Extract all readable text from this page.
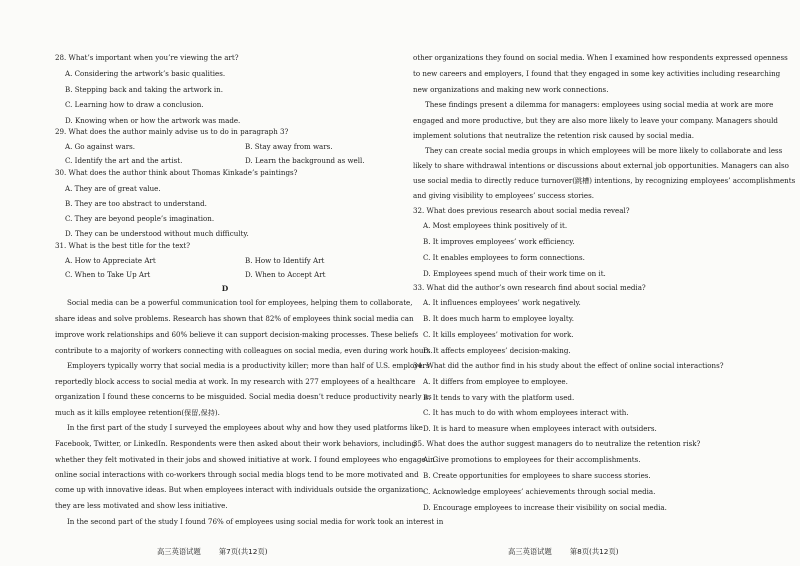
28. What’s important when you’re viewing the art?
A. Considering the artwork’s basic qualities.
B. Stepping back and taking the artwork in.
C. Learning how to draw a conclusion.
D. Knowing when or how the artwork was made.
29. What does the author mainly advise us to do in paragraph 3?
A. Go against wars.	B. Stay away from wars.
C. Identify the art and the artist.	D. Learn the background as well.
30. What does the author think about Thomas Kinkade’s paintings?
A. They are of great value.
B. They are too abstract to understand.
C. They are beyond people’s imagination.
D. They can be understood without much difficulty.
31. What is the best title for the text?
A. How to Appreciate Art	B. How to Identify Art
C. When to Take Up Art	D. When to Accept Art
D
Social media can be a powerful communication tool for employees, helping them to collaborate,
share ideas and solve problems. Research has shown that 82% of employees think social media can
improve work relationships and 60% believe it can support decision-making processes. These beliefs
contribute to a majority of workers connecting with colleagues on social media, even during work hours.
Employers typically worry that social media is a productivity killer; more than half of U.S. employers
reportedly block access to social media at work. In my research with 277 employees of a healthcare
organization I found these concerns to be misguided. Social media doesn’t reduce productivity nearly as
much as it kills employee retention(保留,保持).
In the first part of the study I surveyed the employees about why and how they used platforms like
Facebook, Twitter, or LinkedIn. Respondents were then asked about their work behaviors, including
whether they felt motivated in their jobs and showed initiative at work. I found employees who engage in
online social interactions with co-workers through social media blogs tend to be more motivated and
come up with innovative ideas. But when employees interact with individuals outside the organization,
they are less motivated and show less initiative.
In the second part of the study I found 76% of employees using social media for work took an interest in
高三英语试题 第7页(共12页)
other organizations they found on social media. When I examined how respondents expressed openness
to new careers and employers, I found that they engaged in some key activities including researching
new organizations and making new work connections.
These findings present a dilemma for managers: employees using social media at work are more
engaged and more productive, but they are also more likely to leave your company. Managers should
implement solutions that neutralize the retention risk caused by social media.
They can create social media groups in which employees will be more likely to collaborate and less
likely to share withdrawal intentions or discussions about external job opportunities. Managers can also
use social media to directly reduce turnover(跳槽) intentions, by recognizing employees’ accomplishments
and giving visibility to employees’ success stories.
32. What does previous research about social media reveal?
A. Most employees think positively of it.
B. It improves employees’ work efficiency.
C. It enables employees to form connections.
D. Employees spend much of their work time on it.
33. What did the author’s own research find about social media?
A. It influences employees’ work negatively.
B. It does much harm to employee loyalty.
C. It kills employees’ motivation for work.
D. It affects employees’ decision-making.
34. What did the author find in his study about the effect of online social interactions?
A. It differs from employee to employee.
B. It tends to vary with the platform used.
C. It has much to do with whom employees interact with.
D. It is hard to measure when employees interact with outsiders.
35. What does the author suggest managers do to neutralize the retention risk?
A. Give promotions to employees for their accomplishments.
B. Create opportunities for employees to share success stories.
C. Acknowledge employees’ achievements through social media.
D. Encourage employees to increase their visibility on social media.
高三英语试题 第8页(共12页)
